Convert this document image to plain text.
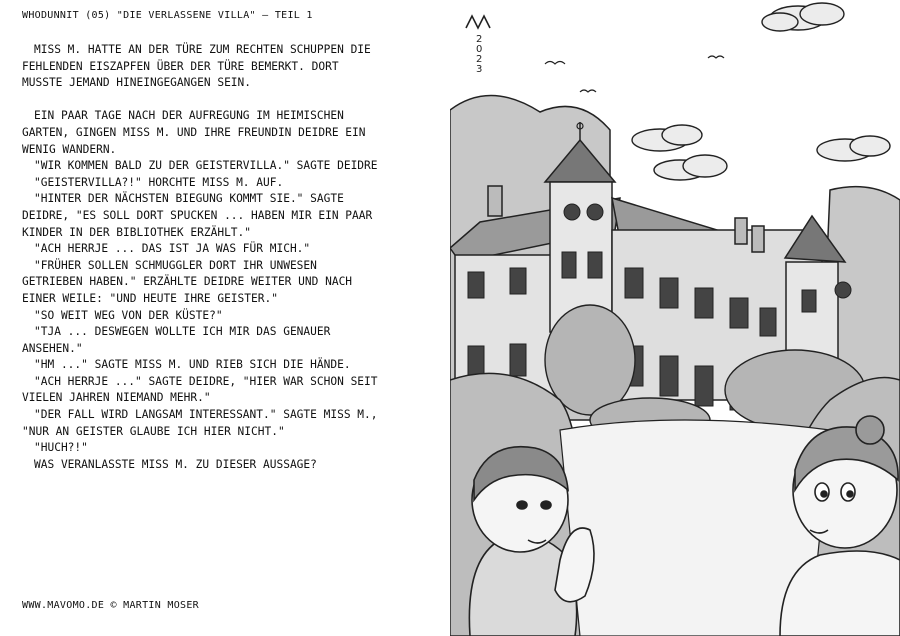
WHODUNNIT (05) "DIE VERLASSENE VILLA" – TEIL 1

MISS M. HATTE AN DER TÜRE ZUM RECHTEN SCHUPPEN DIE

FEHLENDEN EISZAPFEN ÜBER DER TÜRE BEMERKT. DORT

MUSSTE JEMAND HINEINGEGANGEN SEIN.

EIN PAAR TAGE NACH DER AUFREGUNG IM HEIMISCHEN

GARTEN, GINGEN MISS M. UND IHRE FREUNDIN DEIDRE EIN

WENIG WANDERN.

"WIR KOMMEN BALD ZU DER GEISTERVILLA." SAGTE DEIDRE

"GEISTERVILLA?!" HORCHTE MISS M. AUF.

"HINTER DER NÄCHSTEN BIEGUNG KOMMT SIE." SAGTE

DEIDRE, "ES SOLL DORT SPUCKEN ... HABEN MIR EIN PAAR

KINDER IN DER BIBLIOTHEK ERZÄHLT."

"ACH HERRJE ... DAS IST JA WAS FÜR MICH."

"FRÜHER SOLLEN SCHMUGGLER DORT IHR UNWESEN

GETRIEBEN HABEN." ERZÄHLTE DEIDRE WEITER UND NACH

EINER WEILE: "UND HEUTE IHRE GEISTER."

"SO WEIT WEG VON DER KÜSTE?"

"TJA ... DESWEGEN WOLLTE ICH MIR DAS GENAUER

ANSEHEN."

"HM ..." SAGTE MISS M. UND RIEB SICH DIE HÄNDE.

"ACH HERRJE ..." SAGTE DEIDRE, "HIER WAR SCHON SEIT

VIELEN JAHREN NIEMAND MEHR."

"DER FALL WIRD LANGSAM INTERESSANT." SAGTE MISS M.,

"NUR AN GEISTER GLAUBE ICH HIER NICHT."

"HUCH?!"

WAS VERANLASSTE MISS M. ZU DIESER AUSSAGE?

WWW.MAVOMO.DE © MARTIN MOSER
2
0
2
3
